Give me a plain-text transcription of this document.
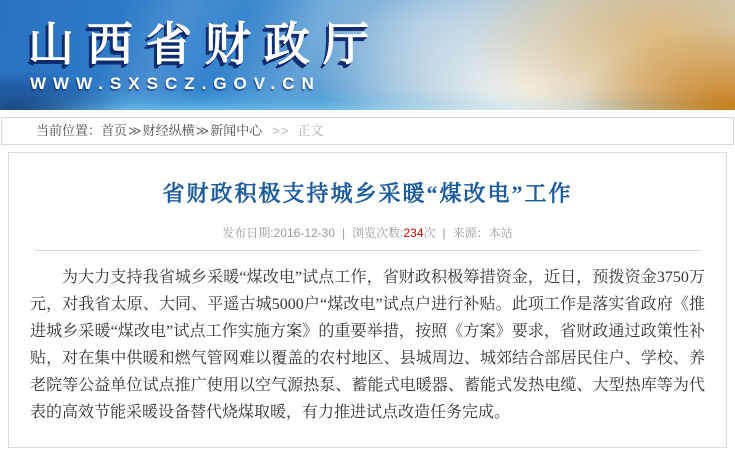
山西省财政厅
WWW.SXSCZ.GOV.CN
当前位置：首页≫财经纵横≫新闻中心 >> 正文
省财政积极支持城乡采暖“煤改电”工作
发布日期:2016-12-30 | 浏览次数:234次 | 来源：本站

为大力支持我省城乡采暖“煤改电”试点工作，省财政积极筹措资金，近日，预拨资金3750万元，对我省太原、大同、平遥古城5000户“煤改电”试点户进行补贴。此项工作是落实省政府《推进城乡采暖“煤改电”试点工作实施方案》的重要举措，按照《方案》要求，省财政通过政策性补贴，对在集中供暖和燃气管网难以覆盖的农村地区、县城周边、城郊结合部居民住户、学校、养老院等公益单位试点推广使用以空气源热泵、蓄能式电暖器、蓄能式发热电缆、大型热库等为代表的高效节能采暖设备替代烧煤取暖，有力推进试点改造任务完成。
